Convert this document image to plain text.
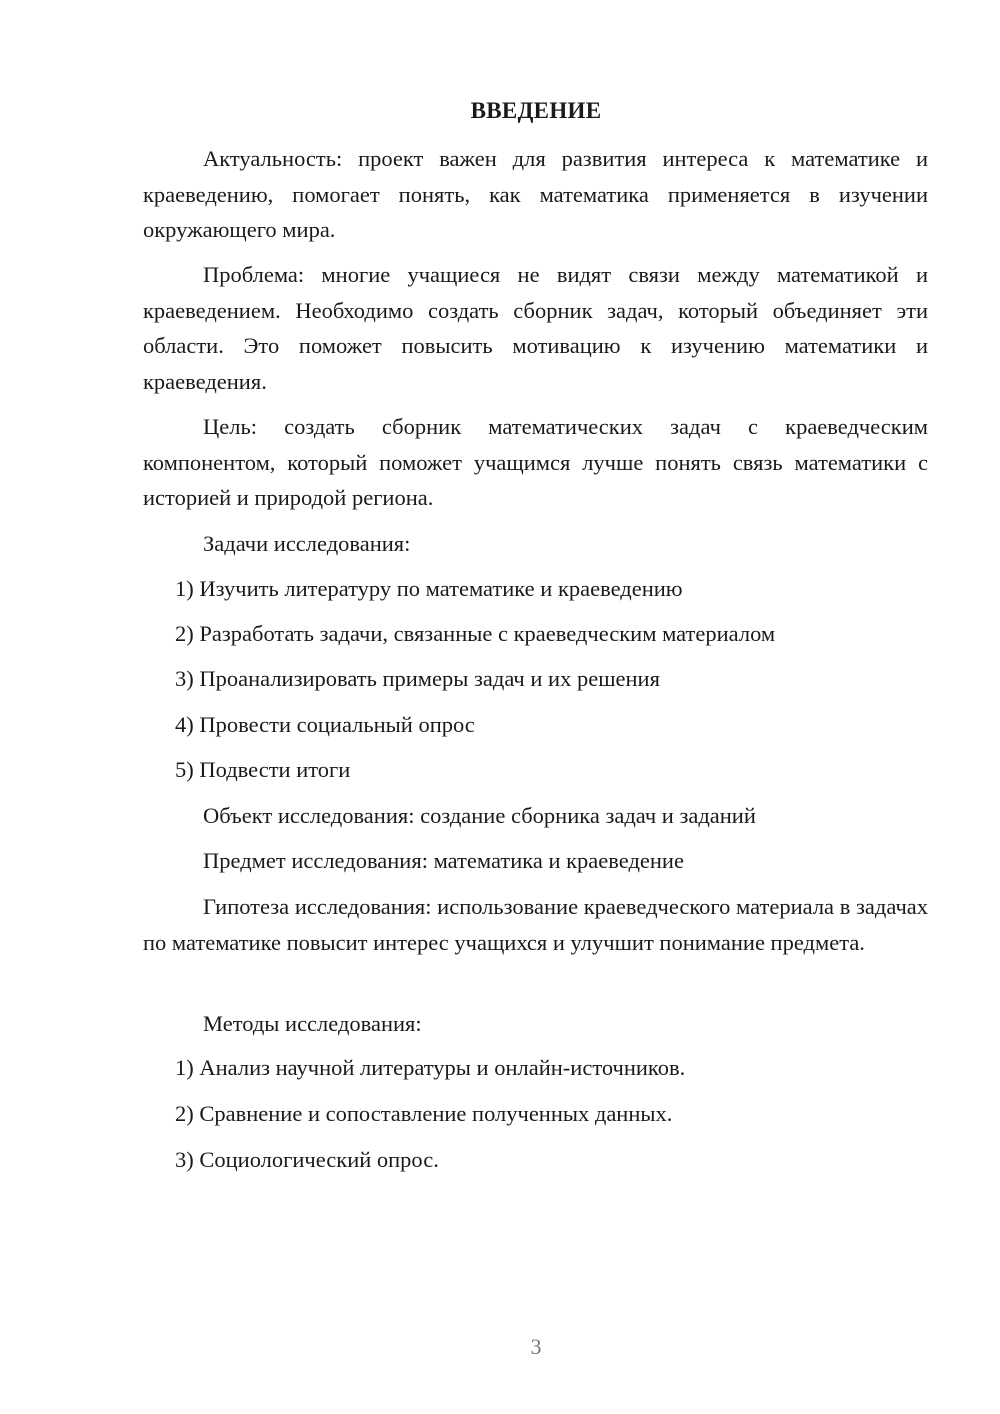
ВВЕДЕНИЕ

Актуальность: проект важен для развития интереса к математике и краеведению, помогает понять, как математика применяется в изучении окружающего мира.

Проблема: многие учащиеся не видят связи между математикой и краеведением. Необходимо создать сборник задач, который объединяет эти области. Это поможет повысить мотивацию к изучению математики и краеведения.

Цель: создать сборник математических задач с краеведческим компонентом, который поможет учащимся лучше понять связь математики с историей и природой региона.

Задачи исследования:
1) Изучить литературу по математике и краеведению
2) Разработать задачи, связанные с краеведческим материалом
3) Проанализировать примеры задач и их решения
4) Провести социальный опрос
5) Подвести итоги
Объект исследования: создание сборника задач и заданий
Предмет исследования: математика и краеведение

Гипотеза исследования: использование краеведческого материала в задачах по математике повысит интерес учащихся и улучшит понимание предмета.

Методы исследования:
1) Анализ научной литературы и онлайн-источников.
2) Сравнение и сопоставление полученных данных.
3) Социологический опрос.
3
